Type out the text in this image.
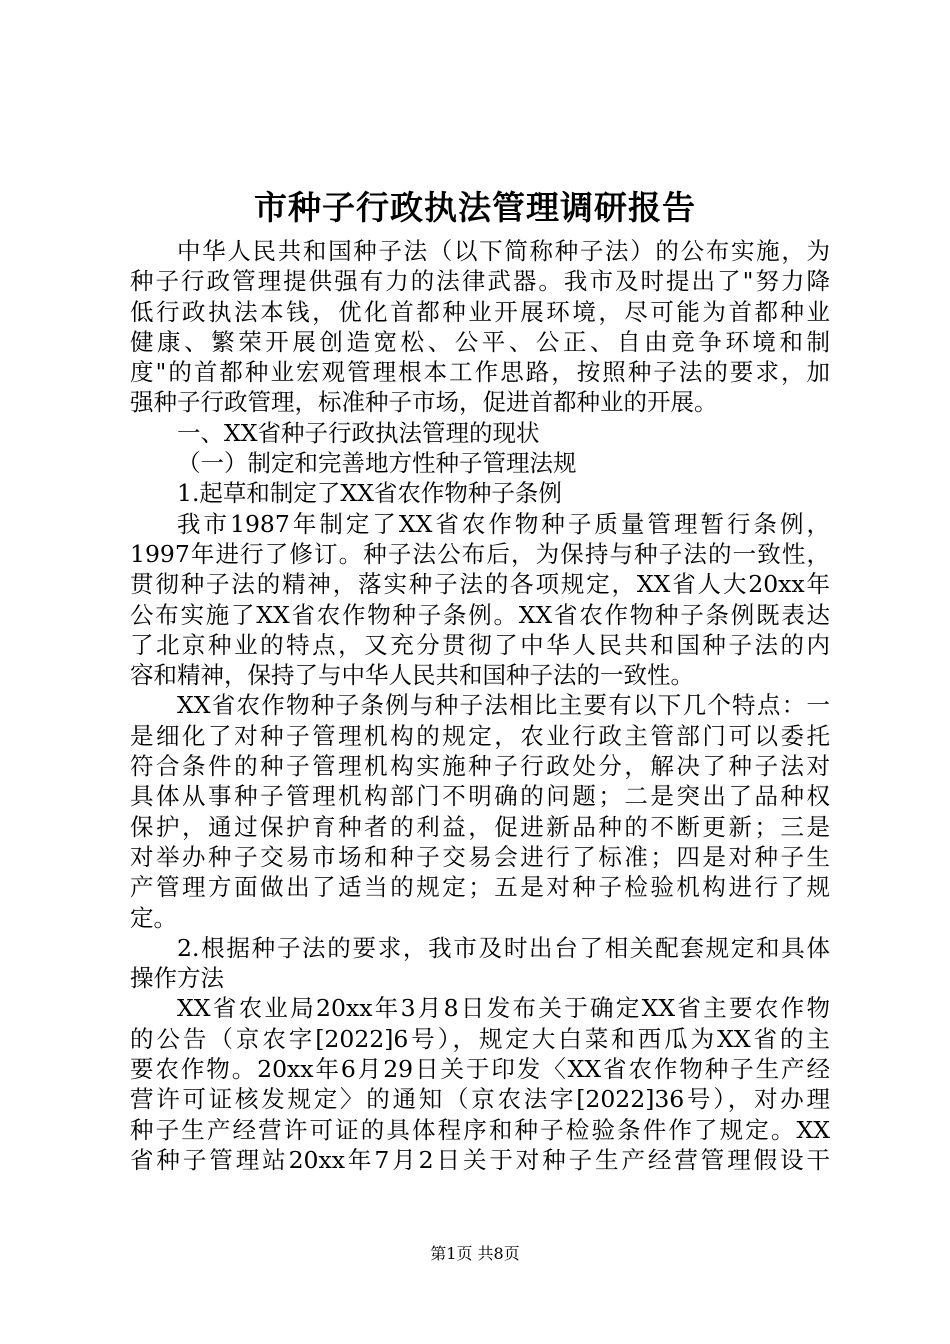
市种子行政执法管理调研报告
中华人民共和国种子法（以下简称种子法）的公布实施，为
种子行政管理提供强有力的法律武器。我市及时提出了"努力降
低行政执法本钱，优化首都种业开展环境，尽可能为首都种业
健康、繁荣开展创造宽松、公平、公正、自由竞争环境和制
度"的首都种业宏观管理根本工作思路，按照种子法的要求，加
强种子行政管理，标准种子市场，促进首都种业的开展。
一、XX省种子行政执法管理的现状
（一）制定和完善地方性种子管理法规
1.起草和制定了XX省农作物种子条例
我市1987年制定了XX省农作物种子质量管理暂行条例，
1997年进行了修订。种子法公布后，为保持与种子法的一致性，
贯彻种子法的精神，落实种子法的各项规定，XX省人大20xx年
公布实施了XX省农作物种子条例。XX省农作物种子条例既表达
了北京种业的特点，又充分贯彻了中华人民共和国种子法的内
容和精神，保持了与中华人民共和国种子法的一致性。
XX省农作物种子条例与种子法相比主要有以下几个特点：一
是细化了对种子管理机构的规定，农业行政主管部门可以委托
符合条件的种子管理机构实施种子行政处分，解决了种子法对
具体从事种子管理机构部门不明确的问题；二是突出了品种权
保护，通过保护育种者的利益，促进新品种的不断更新；三是
对举办种子交易市场和种子交易会进行了标准；四是对种子生
产管理方面做出了适当的规定；五是对种子检验机构进行了规
定。
2.根据种子法的要求，我市及时出台了相关配套规定和具体
操作方法
XX省农业局20xx年3月8日发布关于确定XX省主要农作物
的公告（京农字[2022]6号），规定大白菜和西瓜为XX省的主
要农作物。20xx年6月29日关于印发〈XX省农作物种子生产经
营许可证核发规定〉的通知（京农法字[2022]36号），对办理
种子生产经营许可证的具体程序和种子检验条件作了规定。XX
省种子管理站20xx年7月2日关于对种子生产经营管理假设干
第1页 共8页
